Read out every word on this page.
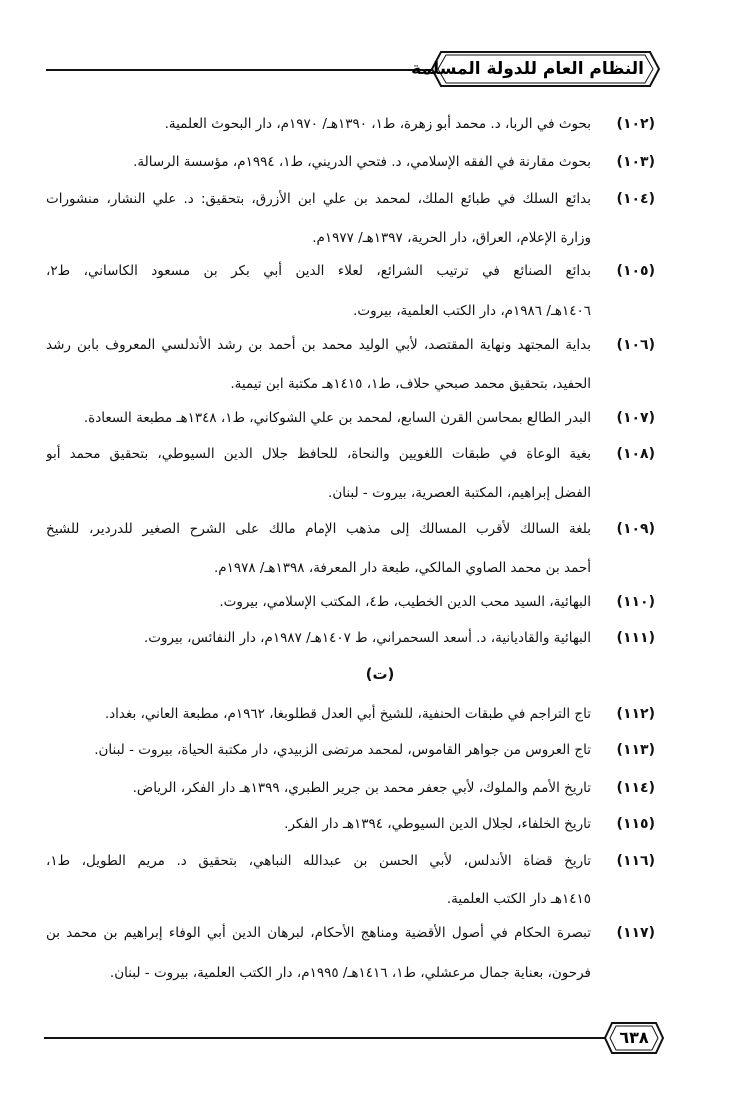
النظام العام للدولة المسلمة
(١٠٢)
بحوث في الربا، د. محمد أبو زهرة، ط١، ١٣٩٠هـ/ ١٩٧٠م، دار البحوث العلمية.
(١٠٣)
بحوث مقارنة في الفقه الإسلامي، د. فتحي الدريني، ط١، ١٩٩٤م، مؤسسة الرسالة.
(١٠٤)
بدائع السلك في طبائع الملك، لمحمد بن علي ابن الأزرق، بتحقيق: د. علي النشار، منشورات
وزارة الإعلام، العراق، دار الحرية، ١٣٩٧هـ/ ١٩٧٧م.
(١٠٥)
بدائع الصنائع في ترتيب الشرائع، لعلاء الدين أبي بكر بن مسعود الكاساني، ط٢،
١٤٠٦هـ/ ١٩٨٦م، دار الكتب العلمية، بيروت.
(١٠٦)
بداية المجتهد ونهاية المقتصد، لأبي الوليد محمد بن أحمد بن رشد الأندلسي المعروف بابن رشد
الحفيد، بتحقيق محمد صبحي حلاف، ط١، ١٤١٥هـ مكتبة ابن تيمية.
(١٠٧)
البدر الطالع بمحاسن القرن السابع، لمحمد بن علي الشوكاني، ط١، ١٣٤٨هـ مطبعة السعادة.
(١٠٨)
بغية الوعاة في طبقات اللغويين والنحاة، للحافظ جلال الدين السيوطي، بتحقيق محمد أبو
الفضل إبراهيم، المكتبة العصرية، بيروت - لبنان.
(١٠٩)
بلغة السالك لأقرب المسالك إلى مذهب الإمام مالك على الشرح الصغير للدردير، للشيخ
أحمد بن محمد الصاوي المالكي، طبعة دار المعرفة، ١٣٩٨هـ/ ١٩٧٨م.
(١١٠)
البهائية، السيد محب الدين الخطيب، ط٤، المكتب الإسلامي، بيروت.
(١١١)
البهائية والقاديانية، د. أسعد السحمراني، ط ١٤٠٧هـ/ ١٩٨٧م، دار النفائس، بيروت.
(١١٢)
تاج التراجم في طبقات الحنفية، للشيخ أبي العدل قطلوبغا، ١٩٦٢م، مطبعة العاني، بغداد.
(١١٣)
تاج العروس من جواهر القاموس، لمحمد مرتضى الزبيدي، دار مكتبة الحياة، بيروت - لبنان.
(١١٤)
تاريخ الأمم والملوك، لأبي جعفر محمد بن جرير الطبري، ١٣٩٩هـ دار الفكر، الرياض.
(١١٥)
تاريخ الخلفاء، لجلال الدين السيوطي، ١٣٩٤هـ دار الفكر.
(١١٦)
تاريخ قضاة الأندلس، لأبي الحسن بن عبدالله النباهي، بتحقيق د. مريم الطويل، ط١،
١٤١٥هـ دار الكتب العلمية.
(١١٧)
تبصرة الحكام في أصول الأقضية ومناهج الأحكام، لبرهان الدين أبي الوفاء إبراهيم بن محمد بن
فرحون، بعناية جمال مرعشلي، ط١، ١٤١٦هـ/ ١٩٩٥م، دار الكتب العلمية، بيروت - لبنان.
(ت)
٦٣٨
